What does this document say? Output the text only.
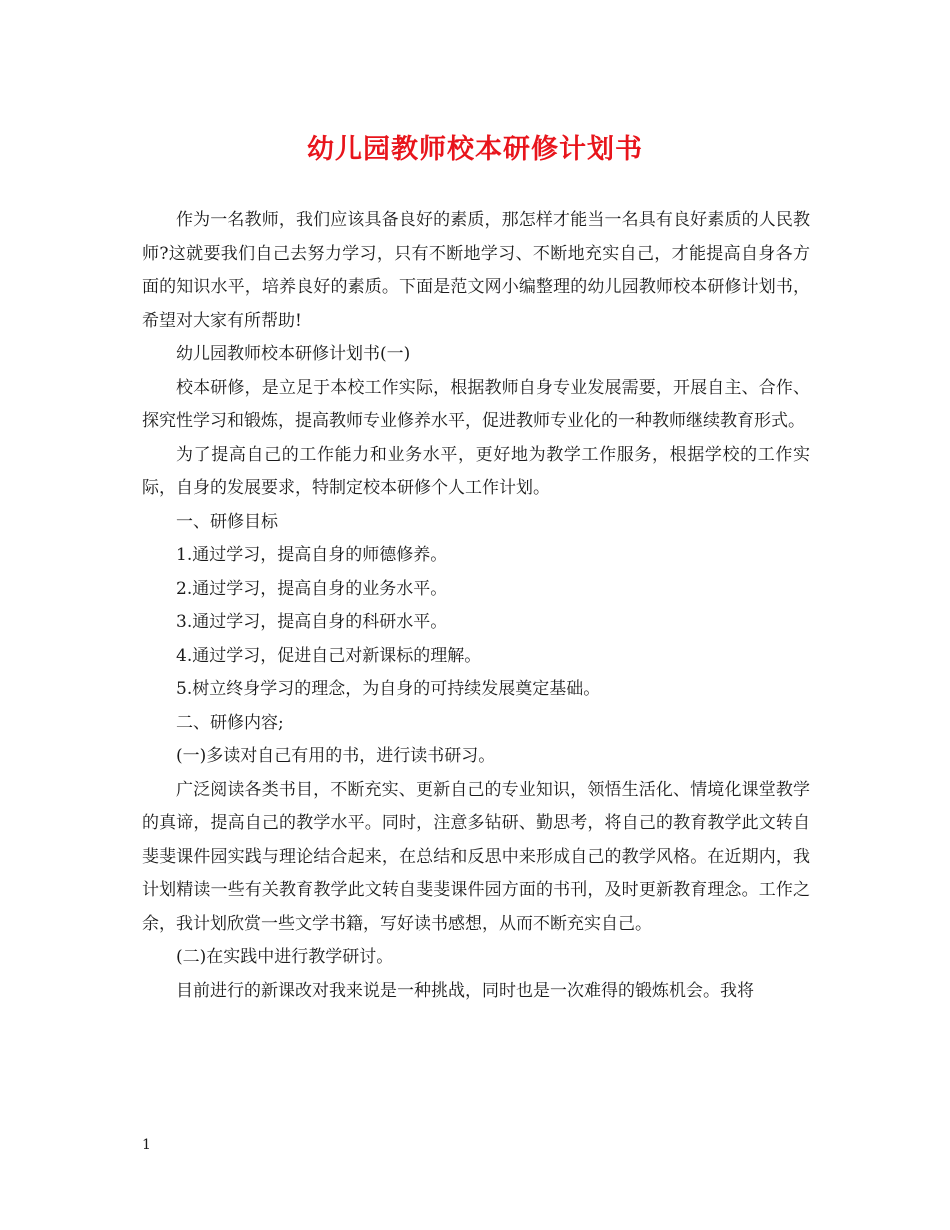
幼儿园教师校本研修计划书

作为一名教师，我们应该具备良好的素质，那怎样才能当一名具有良好素质的人民教师?这就要我们自己去努力学习，只有不断地学习、不断地充实自己，才能提高自身各方面的知识水平，培养良好的素质。下面是范文网小编整理的幼儿园教师校本研修计划书，希望对大家有所帮助!

幼儿园教师校本研修计划书(一)

校本研修，是立足于本校工作实际，根据教师自身专业发展需要，开展自主、合作、探究性学习和锻炼，提高教师专业修养水平，促进教师专业化的一种教师继续教育形式。

为了提高自己的工作能力和业务水平，更好地为教学工作服务，根据学校的工作实际，自身的发展要求，特制定校本研修个人工作计划。

一、研修目标

1.通过学习，提高自身的师德修养。

2.通过学习，提高自身的业务水平。

3.通过学习，提高自身的科研水平。

4.通过学习，促进自己对新课标的理解。

5.树立终身学习的理念，为自身的可持续发展奠定基础。

二、研修内容;

(一)多读对自己有用的书，进行读书研习。

广泛阅读各类书目，不断充实、更新自己的专业知识，领悟生活化、情境化课堂教学的真谛，提高自己的教学水平。同时，注意多钻研、勤思考，将自己的教育教学此文转自斐斐课件园实践与理论结合起来，在总结和反思中来形成自己的教学风格。在近期内，我计划精读一些有关教育教学此文转自斐斐课件园方面的书刊，及时更新教育理念。工作之余，我计划欣赏一些文学书籍，写好读书感想，从而不断充实自己。

(二)在实践中进行教学研讨。

目前进行的新课改对我来说是一种挑战，同时也是一次难得的锻炼机会。我将

1
